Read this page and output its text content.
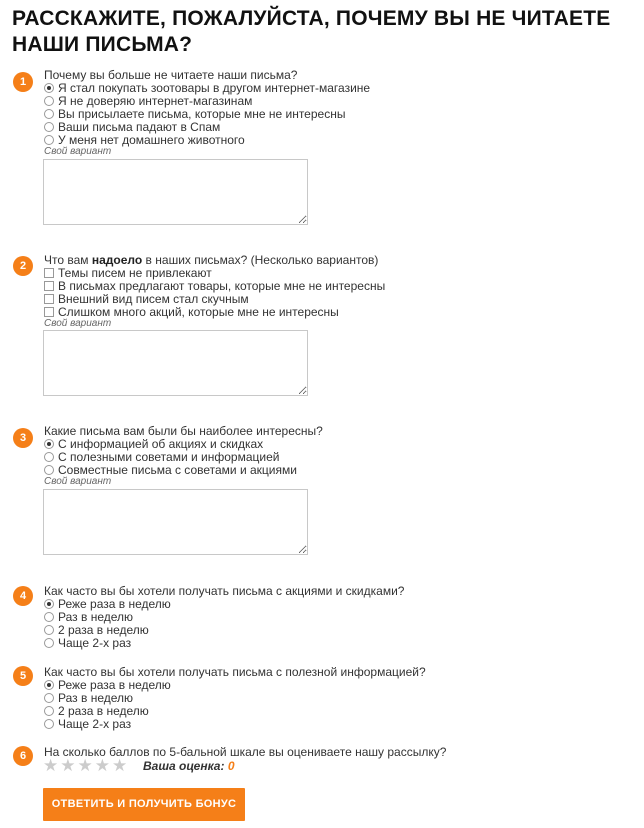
РАССКАЖИТЕ, ПОЖАЛУЙСТА, ПОЧЕМУ ВЫ НЕ ЧИТАЕТЕ НАШИ ПИСЬМА?
1	Почему вы больше не читаете наши письма?
Я стал покупать зоотовары в другом интернет-магазине
Я не доверяю интернет-магазинам
Вы присылаете письма, которые мне не интересны
Ваши письма падают в Спам
У меня нет домашнего животного
Свой вариант
2	Что вам надоело в наших письмах? (Несколько вариантов)
Темы писем не привлекают
В письмах предлагают товары, которые мне не интересны
Внешний вид писем стал скучным
Слишком много акций, которые мне не интересны
Свой вариант
3	Какие письма вам были бы наиболее интересны?
С информацией об акциях и скидках
С полезными советами и информацией
Совместные письма с советами и акциями
Свой вариант
4	Как часто вы бы хотели получать письма с акциями и скидками?
Реже раза в неделю
Раз в неделю
2 раза в неделю
Чаще 2-х раз
5	Как часто вы бы хотели получать письма с полезной информацией?
Реже раза в неделю
Раз в неделю
2 раза в неделю
Чаще 2-х раз
6	На сколько баллов по 5-бальной шкале вы оцениваете нашу рассылку?
★ ★ ★ ★ ★ Ваша оценка: 0
ОТВЕТИТЬ И ПОЛУЧИТЬ БОНУС
